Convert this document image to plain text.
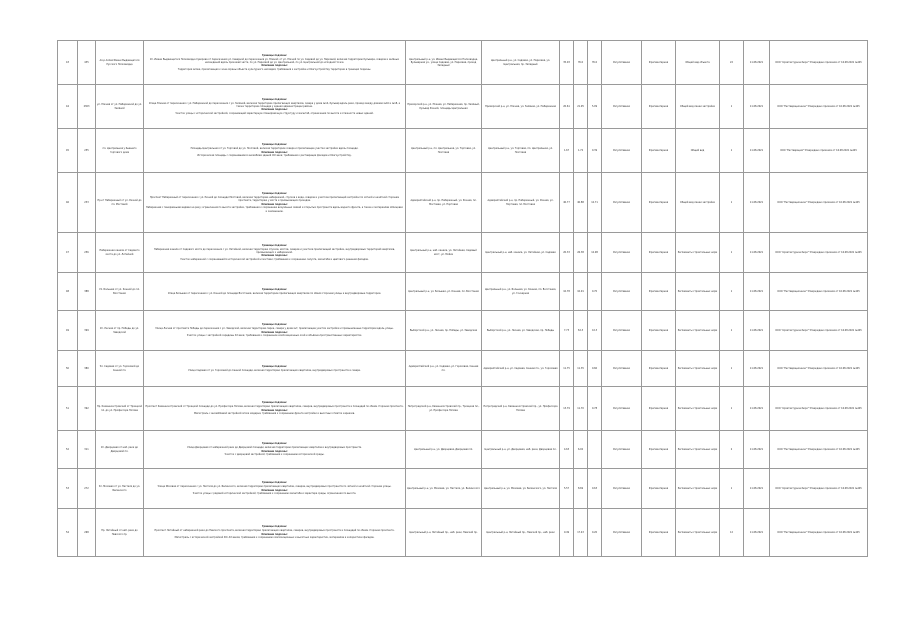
43	435	Ал-р Аллея Имени Выдающегося Русского Полководца	Границы подзоны:
Ул. Имени Выдающегося Полководца Суворова от пересечения ул. Северной до пересечения ул. Южной; от ул. Южной по ул. Садовой до ул. Парковой, включая территорию бульвара, скверов и зелёных насаждений вдоль проезжей части, по ул. Парковой до ул. Центральной, по ул. Центральной до исходной точки.
Описание подзоны:
Территория аллеи, прилегающая к зоне охраны объекта культурного наследия; требования к застройке и благоустройству территории в границах подзоны.	Центральный р-н, ул. Имени Выдающегося Полководца, Бульварная ул., улица Садовая, ул. Парковая, проезд Западный	Центральный р-н, ул. Садовая, ул. Парковая, ул. Центральная, пр. Западный	35.03	35.0	35.0	Регулятивная	Фрагментарная	Общий вид объекта	22	11.08.2021	ООО "Архитектурное бюро" Утверждено приказом от 16.08.2021 №445
44	2303	ул. Южная от ул. Набережной до ул. Зелёной	Границы подзоны:
Улица Южная от пересечения с ул. Набережной до пересечения с ул. Зелёной, включая территорию прилегающих кварталов, сквера у дома №14, бульвар вдоль реки, проезд между домами №16 и №18, а также территорию площади у здания администрации района.
Описание подзоны:
Участок улицы с исторической застройкой, сохраняющий характерную планировочную структуру и масштаб, ограничения по высоте и этажности новых зданий.	Приморский р-н, ул. Южная, ул. Набережная, пр. Зелёный, бульвар Речной, площадь Центральная	Приморский р-н, ул. Южная, ул. Зелёная, ул. Набережная	20.61	21.95	5.09	Регулятивная	Фрагментарная	Общий вид линии застройки	1	11.08.2021	ООО "Реставрационное" Утверждено приказом от 16.08.2021 №445
45	255	пл. Центральная у бывшего торгового дома	Границы подзоны:
Площадь Центральная от ул. Торговой до ул. Почтовой, включая территорию сквера и прилегающие участки застройки вдоль площади.
Описание подзоны:
Историческая площадь с сохранившимся ансамблем зданий XIX века; требования к реставрации фасадов и благоустройству.	Центральный р-н, пл. Центральная, ул. Торговая, ул. Почтовая	Центральный р-н, ул. Торговая, пл. Центральная, ул. Почтовая	1.67	1.72	0.39	Регулятивная	Фрагментарная	Общий вид	1	11.08.2021	ООО "Реставрация" Утверждено приказом от 16.08.2021 №445
46	233	Пр-кт Набережный от ул. Речной до пл. Мостовой	Границы подзоны:
Проспект Набережный от пересечения с ул. Речной до площади Мостовой, включая территорию набережной, спусков к воде, скверов и участков прилегающей застройки по чётной и нечётной сторонам проспекта, территорию у моста и примыкающих проездов.
Описание подзоны:
Набережная с панорамными видами на реку; ограничения по высоте застройки, требования к сохранению визуальных связей и открытых пространств вдоль водного фронта, а также к материалам облицовки и озеленению.	Адмиралтейский р-н, пр. Набережный, ул. Речная, пл. Мостовая, ул. Портовая	Адмиралтейский р-н, пр. Набережный, ул. Речная, ул. Портовая, пл. Мостовая	40.77	40.88	12.71	Регулятивная	Фрагментарная	Общий вид линии застройки	1	11.08.2021	ООО "Реставрационное" Утверждено приказом от 16.08.2021 №445
47	256	Набережная канала от Садового моста до ул. Литейной	Границы подзоны:
Набережная канала от Садового моста до пересечения с ул. Литейной, включая территорию спусков, мостов, скверов и участков прилегающей застройки, внутридворовых территорий кварталов, примыкающих к набережной.
Описание подзоны:
Участок набережной с сохранившейся исторической застройкой и мостами; требования к сохранению силуэта, масштаба и цветового решения фасадов.	Центральный р-н, наб. канала, ул. Литейная, Садовый мост, ул. Мойки	Центральный р-н, наб. канала, ул. Литейная, ул. Садовая	20.33	26.38	12.98	Регулятивная	Фрагментарная	Регламенты строительных норм	1	11.08.2021	ООО "Архитектурное бюро" Утверждено приказом от 16.08.2021 №445
48	388	Ул. Большая от ул. Конной до пл. Восстания	Границы подзоны:
Улица Большая от пересечения с ул. Конной до площади Восстания, включая территорию прилегающих кварталов по обеим сторонам улицы и внутридворовые территории.	Центральный р-н, ул. Большая, ул. Конная, пл. Восстания	Центральный р-н, ул. Большая, ул. Конная, пл. Восстания, ул. Гончарная	10.78	10.91	0.70	Регулятивная	Фрагментарная	Регламенты строительных норм	1	11.08.2021	ООО "Реставрационное" Утверждено приказом от 16.08.2021 №445
49	399	Ул. Лесная от пр. Победы до ул. Заводской	Границы подзоны:
Улица Лесная от проспекта Победы до пересечения с ул. Заводской, включая территорию парка, сквера у дома №7, прилегающие участки застройки и промышленные территории вдоль улицы.
Описание подзоны:
Участок улицы с застройкой середины XX века; требования к сохранению композиционных осей и объёмно-пространственных характеристик.	Выборгский р-н, ул. Лесная, пр. Победы, ул. Заводская	Выборгский р-н, ул. Лесная, ул. Заводская, пр. Победы	7.73	8.13	0.13	Регулятивная	Фрагментарная	Регламенты строительных норм	1	11.08.2021	ООО "Архитектурное бюро" Утверждено приказом от 16.08.2021 №445
50	380	Ул. Садовая от ул. Гороховой до Сенной пл.	Границы подзоны:
Улица Садовая от ул. Гороховой до Сенной площади, включая территорию прилегающих кварталов, внутридворовых пространств и сквера.	Адмиралтейский р-н, ул. Садовая, ул. Гороховая, Сенная пл.	Адмиралтейский р-н, ул. Садовая, Сенная пл., ул. Гороховая	11.75	11.35	0.60	Регулятивная	Фрагментарная	Регламенты строительных норм	1	11.08.2021	ООО "Реставрационное" Утверждено приказом от 16.08.2021 №445
51	392	Пр. Каменноостровский от Троицкой пл. до ул. Профессора Попова	Границы подзоны:
Проспект Каменноостровский от Троицкой площади до ул. Профессора Попова, включая территорию прилегающих кварталов, скверов, внутридворовых пространств и площадей по обеим сторонам проспекта.
Описание подзоны:
Магистраль с ансамблевой застройкой эпохи модерна; требования к сохранению фронта застройки и высотных отметок карнизов.	Петроградский р-н, Каменноостровский пр., Троицкая пл., ул. Профессора Попова	Петроградский р-н, Каменноостровский пр., ул. Профессора Попова	13.79	11.70	0.78	Регулятивная	Фрагментарная	Регламенты строительных норм	1	11.08.2021	ООО "Архитектурное бюро" Утверждено приказом от 16.08.2021 №445
52	311	Ул. Дворцовая от наб. реки до Дворцовой пл.	Границы подзоны:
Улица Дворцовая от набережной реки до Дворцовой площади, включая территорию прилегающих кварталов и внутридворовых пространств.
Описание подзоны:
Участок с дворцовой застройкой; требования к сохранению исторической среды.	Центральный р-н, ул. Дворцовая, Дворцовая пл.	Центральный р-н, ул. Дворцовая, наб. реки, Дворцовая пл.	4.63	6.02		Регулятивная	Фрагментарная	Регламенты строительных норм	2	11.08.2021	ООО "Реставрационное" Утверждено приказом от 16.08.2021 №445
53	272	Ул. Моховая от ул. Пестеля до ул. Белинского	Границы подзоны:
Улица Моховая от пересечения с ул. Пестеля до ул. Белинского, включая территорию прилегающих кварталов, скверов, внутридворовых пространств по чётной и нечётной сторонам улицы.
Описание подзоны:
Участок улицы с рядовой исторической застройкой; требования к сохранению масштаба и характера среды, ограничения по высоте.	Центральный р-н, ул. Моховая, ул. Пестеля, ул. Белинского	Центральный р-н, ул. Моховая, ул. Белинского, ул. Пестеля	5.57	8.69	0.63	Регулятивная	Фрагментарная	Регламенты строительных норм	1	11.08.2021	ООО "Архитектурное бюро" Утверждено приказом от 16.08.2021 №445
54	268	Пр. Литейный от наб. реки до Невского пр.	Границы подзоны:
Проспект Литейный от набережной реки до Невского проспекта, включая территорию прилегающих кварталов, скверов, внутридворовых пространств и площадей по обеим сторонам проспекта.
Описание подзоны:
Магистраль с исторической застройкой XIX–XX веков; требования к сохранению композиционных и высотных характеристик, материалов и колористики фасадов.	Центральный р-н, Литейный пр., наб. реки, Невский пр.	Центральный р-н, Литейный пр., Невский пр., наб. реки	9.49	17.43	0.20	Регулятивная	Фрагментарная	Регламенты строительных норм	12	11.08.2021	ООО "Реставрационное" Утверждено приказом от 16.08.2021 №445
